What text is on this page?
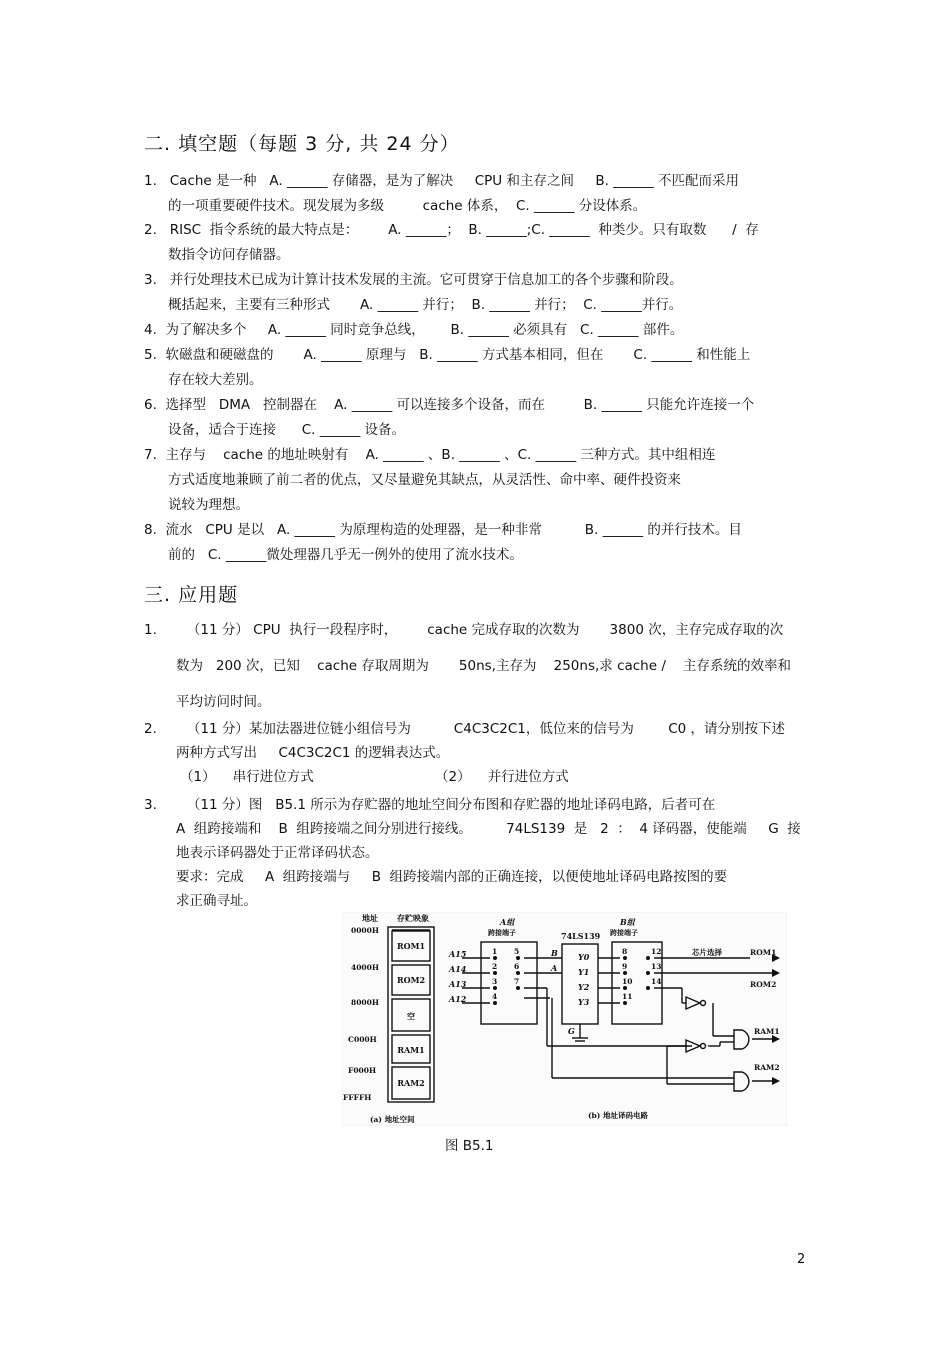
二. 填空题（每题 3 分, 共 24 分）
1.   Cache 是一种   A. ______ 存储器，是为了解决     CPU 和主存之间     B. ______ 不匹配而采用
的一项重要硬件技术。现发展为多级         cache 体系，  C. ______ 分设体系。
2.   RISC  指令系统的最大特点是：       A. ______；  B. ______;C. ______  种类少。只有取数      /  存
数指令访问存储器。
3.   并行处理技术已成为计算计技术发展的主流。它可贯穿于信息加工的各个步骤和阶段。
概括起来，主要有三种形式       A. ______ 并行；  B. ______ 并行；  C. ______并行。
4.  为了解决多个     A. ______ 同时竞争总线，      B. ______ 必须具有   C. ______ 部件。
5.  软磁盘和硬磁盘的       A. ______ 原理与   B. ______ 方式基本相同，但在       C. ______ 和性能上
存在较大差别。
6.  选择型   DMA   控制器在    A. ______ 可以连接多个设备，而在         B. ______ 只能允许连接一个
设备，适合于连接      C. ______ 设备。
7.  主存与    cache 的地址映射有    A. ______ 、B. ______ 、C. ______ 三种方式。其中组相连
方式适度地兼顾了前二者的优点，又尽量避免其缺点，从灵活性、命中率、硬件投资来
说较为理想。
8.  流水   CPU 是以   A. ______ 为原理构造的处理器，是一种非常          B. ______ 的并行技术。目
前的   C. ______微处理器几乎无一例外的使用了流水技术。
三. 应用题
1.       （11 分） CPU  执行一段程序时，       cache 完成存取的次数为       3800 次，主存完成存取的次
数为   200 次，已知    cache 存取周期为       50ns,主存为    250ns,求 cache /    主存系统的效率和
平均访问时间。
2.       （11 分）某加法器进位链小组信号为          C4C3C2C1，低位来的信号为        C0 ，请分别按下述
两种方式写出     C4C3C2C1 的逻辑表达式。
（1）    串行进位方式	（2）    并行进位方式
3.       （11 分）图   B5.1 所示为存贮器的地址空间分布图和存贮器的地址译码电路，后者可在
A  组跨接端和    B  组跨接端之间分别进行接线。        74LS139  是   2  ：  4 译码器，使能端     G  接
地表示译码器处于正常译码状态。
要求：完成     A  组跨接端与     B  组跨接端内部的正确连接，以便使地址译码电路按图的要
求正确寻址。
地址 存贮映象
0000H
4000H
8000H
C000H
F000H
FFFFH
ROM1
ROM2
空
RAM1
RAM2
(a) 地址空间
A组
跨接端子
B组
跨接端子
74LS139
A15
A14
A13
A12
B
A
Y0
Y1
Y2
Y3
G
1
2
3
4
5
6
7
8
9
10
11
12
13
14
芯片选择	ROM1
ROM2
RAM1
RAM2
(b) 地址译码电路
图 B5.1
2
